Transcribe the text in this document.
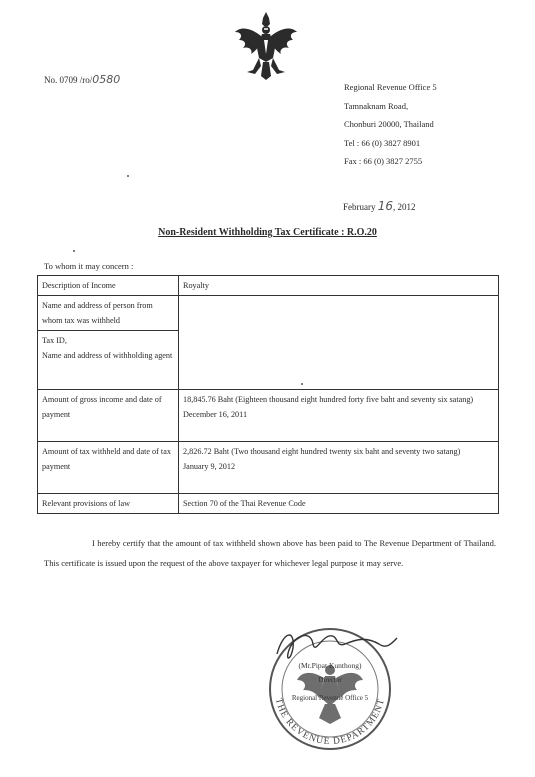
No. 0709 /ro/0580
Regional Revenue Office 5
Tamnaknam Road,
Chonburi 20000, Thailand
Tel : 66 (0) 3827 8901
Fax : 66 (0) 3827 2755
February 16, 2012
Non-Resident Withholding Tax Certificate : R.O.20
To whom it may concern :
Description of Income	Royalty
Name and address of person from whom tax was withheld	

Tax ID,
Name and address of withholding agent	

Amount of gross income and date of payment	18,845.76 Baht (Eighteen thousand eight hundred forty five baht and seventy six satang)
December 16, 2011

Amount of tax withheld and date of tax payment	2,826.72 Baht (Two thousand eight hundred twenty six baht and seventy two satang)
January 9, 2012

Relevant provisions of law	Section 70 of the Thai Revenue Code
I hereby certify that the amount of tax withheld shown above has been paid to The Revenue Department of Thailand. This certificate is issued upon the request of the above taxpayer for whichever legal purpose it may serve.
(Mr.Pipat Kunthong)
Director
Regional Revenue Office 5
THE REVENUE DEPARTMENT
